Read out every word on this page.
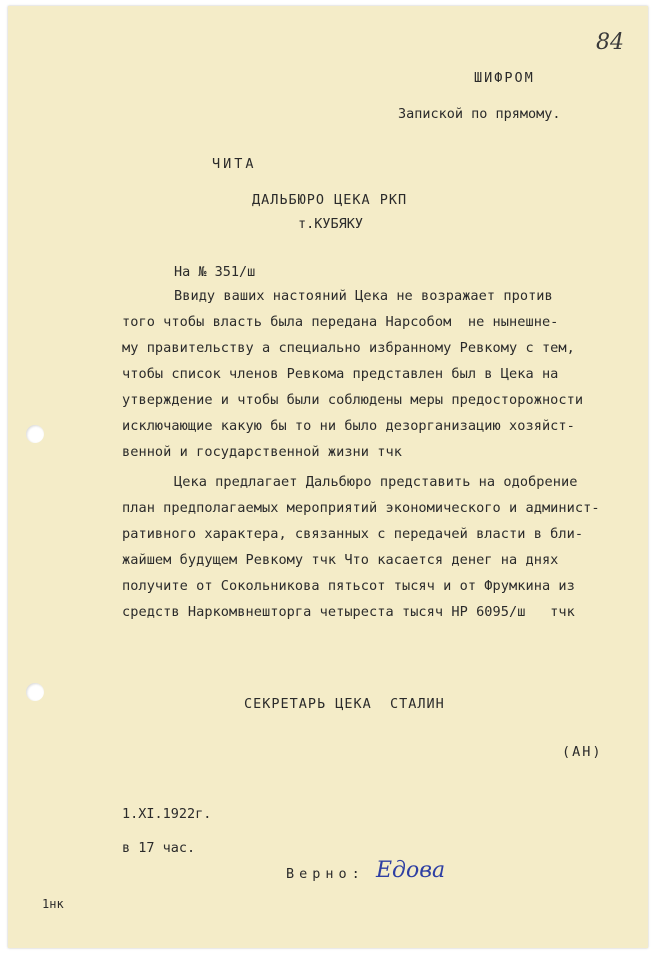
84
ШИФРОМ
Запиской по прямому.
ЧИТА
ДАЛЬБЮРО ЦЕКА РКП
т.КУБЯКУ
На № 351/ш
Ввиду ваших настояний Цека не возражает против
того чтобы власть была передана Нарсобом  не нынешне-
му правительству а специально избранному Ревкому с тем,
чтобы список членов Ревкома представлен был в Цека на
утверждение и чтобы были соблюдены меры предосторожности
исключающие какую бы то ни было дезорганизацию хозяйст-
венной и государственной жизни тчк
Цека предлагает Дальбюро представить на одобрение
план предполагаемых мероприятий экономического и админист-
ративного характера, связанных с передачей власти в бли-
жайшем будущем Ревкому тчк Что касается денег на днях
получите от Сокольникова пятьсот тысяч и от Фрумкина из
средств Наркомвнешторга четыреста тысяч НР 6095/ш   тчк
СЕКРЕТАРЬ ЦЕКА  СТАЛИН
(АН)
1.XI.1922г.
в 17 час.
Верно: Едова
1нк
